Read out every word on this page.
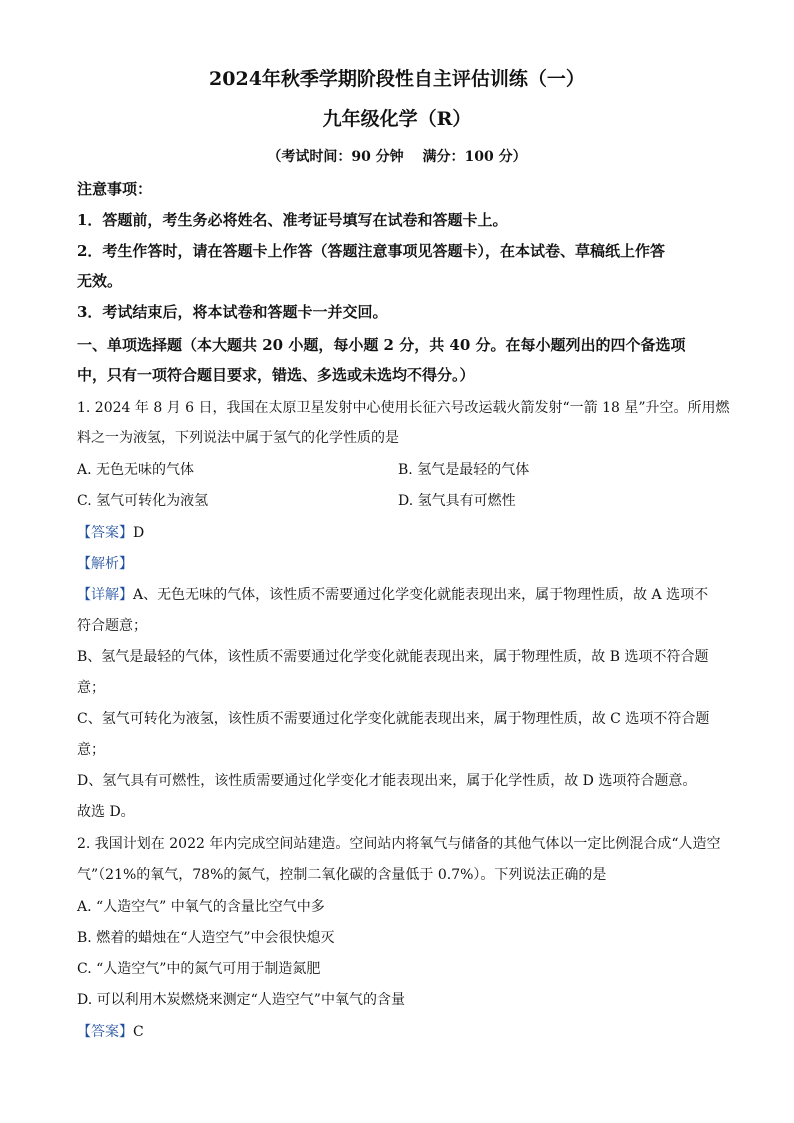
2024年秋季学期阶段性自主评估训练（一）
九年级化学（R）
（考试时间：90 分钟　 满分：100 分）
注意事项：
1．答题前，考生务必将姓名、准考证号填写在试卷和答题卡上。
2．考生作答时，请在答题卡上作答（答题注意事项见答题卡），在本试卷、草稿纸上作答
无效。
3．考试结束后，将本试卷和答题卡一并交回。
一、单项选择题（本大题共 20 小题，每小题 2 分，共 40 分。在每小题列出的四个备选项
中，只有一项符合题目要求，错选、多选或未选均不得分。）
1. 2024 年 8 月 6 日，我国在太原卫星发射中心使用长征六号改运载火箭发射“一箭 18 星”升空。所用燃
料之一为液氢，下列说法中属于氢气的化学性质的是
A. 无色无味的气体	B. 氢气是最轻的气体
C. 氢气可转化为液氢	D. 氢气具有可燃性
【答案】D
【解析】
【详解】A、无色无味的气体，该性质不需要通过化学变化就能表现出来，属于物理性质，故 A 选项不
符合题意；
B、氢气是最轻的气体，该性质不需要通过化学变化就能表现出来，属于物理性质，故 B 选项不符合题
意；
C、氢气可转化为液氢，该性质不需要通过化学变化就能表现出来，属于物理性质，故 C 选项不符合题
意；
D、氢气具有可燃性，该性质需要通过化学变化才能表现出来，属于化学性质，故 D 选项符合题意。
故选 D。
2. 我国计划在 2022 年内完成空间站建造。空间站内将氧气与储备的其他气体以一定比例混合成“人造空
气”（21%的氧气，78%的氮气，控制二氧化碳的含量低于 0.7%）。下列说法正确的是
A. “人造空气” 中氧气的含量比空气中多
B. 燃着的蜡烛在“人造空气”中会很快熄灭
C. “人造空气”中的氮气可用于制造氮肥
D. 可以利用木炭燃烧来测定“人造空气”中氧气的含量
【答案】C
